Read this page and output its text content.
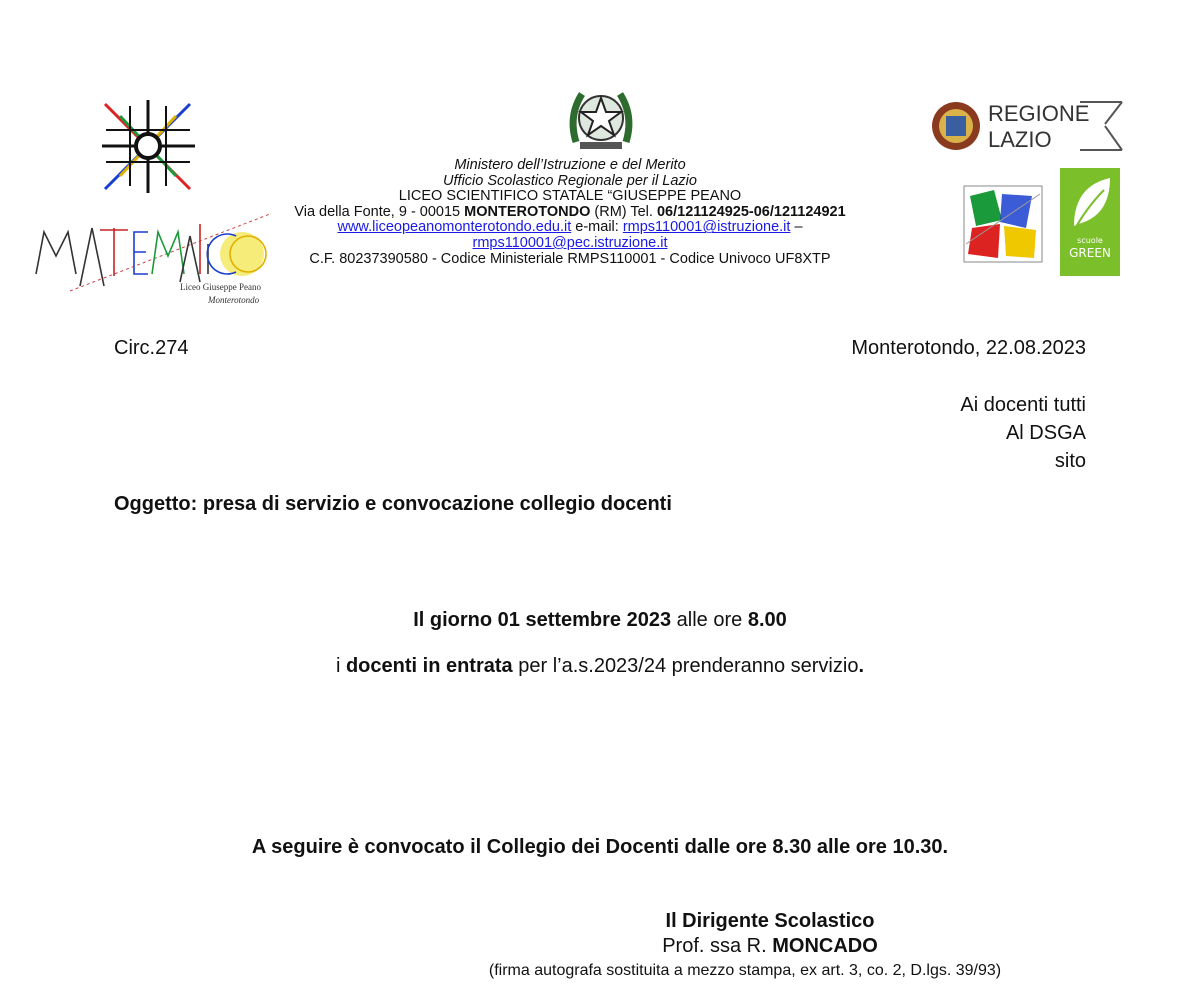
Liceo Giuseppe Peano
Monterotondo
Ministero dell’Istruzione e del Merito
Ufficio Scolastico Regionale per il Lazio
LICEO SCIENTIFICO STATALE “GIUSEPPE PEANO
Via della Fonte, 9 - 00015 MONTEROTONDO (RM) Tel. 06/121124925-06/121124921
www.liceopeanomonterotondo.edu.it e-mail: rmps110001@istruzione.it –
rmps110001@pec.istruzione.it
C.F. 80237390580 - Codice Ministeriale RMPS110001 - Codice Univoco UF8XTP
REGIONE
LAZIO
scuole
GREEN
Circ.274	Monterotondo, 22.08.2023
Ai docenti tutti
Al DSGA
sito
Oggetto: presa di servizio e convocazione collegio docenti
Il giorno 01 settembre 2023 alle ore 8.00
i docenti in entrata per l’a.s.2023/24 prenderanno servizio.
A seguire è convocato il Collegio dei Docenti dalle ore 8.30 alle ore 10.30.
Il Dirigente Scolastico
Prof. ssa R. MONCADO
(firma autografa sostituita a mezzo stampa, ex art. 3, co. 2, D.lgs. 39/93)
